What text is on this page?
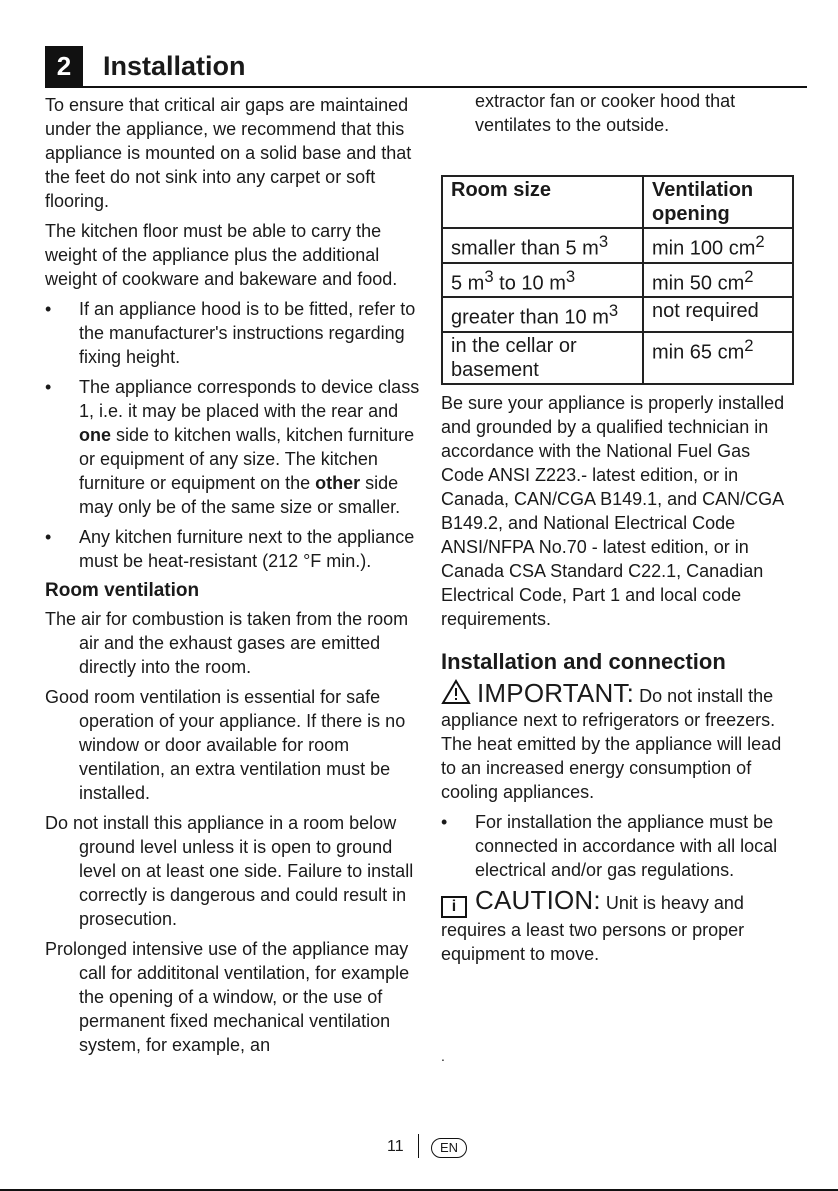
2	Installation

To ensure that critical air gaps are maintained under the appliance, we recommend that this appliance is mounted on a solid base and that the feet do not sink into any carpet or soft flooring.

The kitchen floor must be able to carry the weight of the appliance plus the additional weight of cookware and bakeware and food.

• If an appliance hood is to be fitted, refer to the manufacturer's instructions regarding fixing height.
• The appliance corresponds to device class 1, i.e. it may be placed with the rear and one side to kitchen walls, kitchen furniture or equipment of any size. The kitchen furniture or equipment on the other side may only be of the same size or smaller.
• Any kitchen furniture next to the appliance must be heat-resistant (212 °F min.).
Room ventilation

The air for combustion is taken from the room air and the exhaust gases are emitted directly into the room.

Good room ventilation is essential for safe operation of your appliance. If there is no window or door available for room ventilation, an extra ventilation must be installed.

Do not install this appliance in a room below ground level unless it is open to ground level on at least one side. Failure to install correctly is dangerous and could result in prosecution.

Prolonged intensive use of the appliance may call for addititonal ventilation, for example the opening of a window, or the use of permanent fixed mechanical ventilation system, for example, an

extractor fan or cooker hood that ventilates to the outside.

Room size	Ventilation opening
smaller than 5 $m^3$	min 100 $cm^2$
5 $m^3$ to 10 $m^3$	min 50 $cm^2$
greater than 10 $m^3$	not required
in the cellar or basement	min 65 $cm^2$

Be sure your appliance is properly installed and grounded by a qualified technician in accordance with the National Fuel Gas Code ANSI Z223.- latest edition, or in Canada, CAN/CGA B149.1, and CAN/CGA B149.2, and National Electrical Code ANSI/NFPA No.70 - latest edition, or in Canada CSA Standard C22.1, Canadian Electrical Code, Part 1 and local code requirements.

Installation and connection

IMPORTANT: Do not install the appliance next to refrigerators or freezers. The heat emitted by the appliance will lead to an increased energy consumption of cooling appliances.

• For installation the appliance must be connected in accordance with all local electrical and/or gas regulations.

i CAUTION: Unit is heavy and requires a least two persons or proper equipment to move.

.
11	EN
